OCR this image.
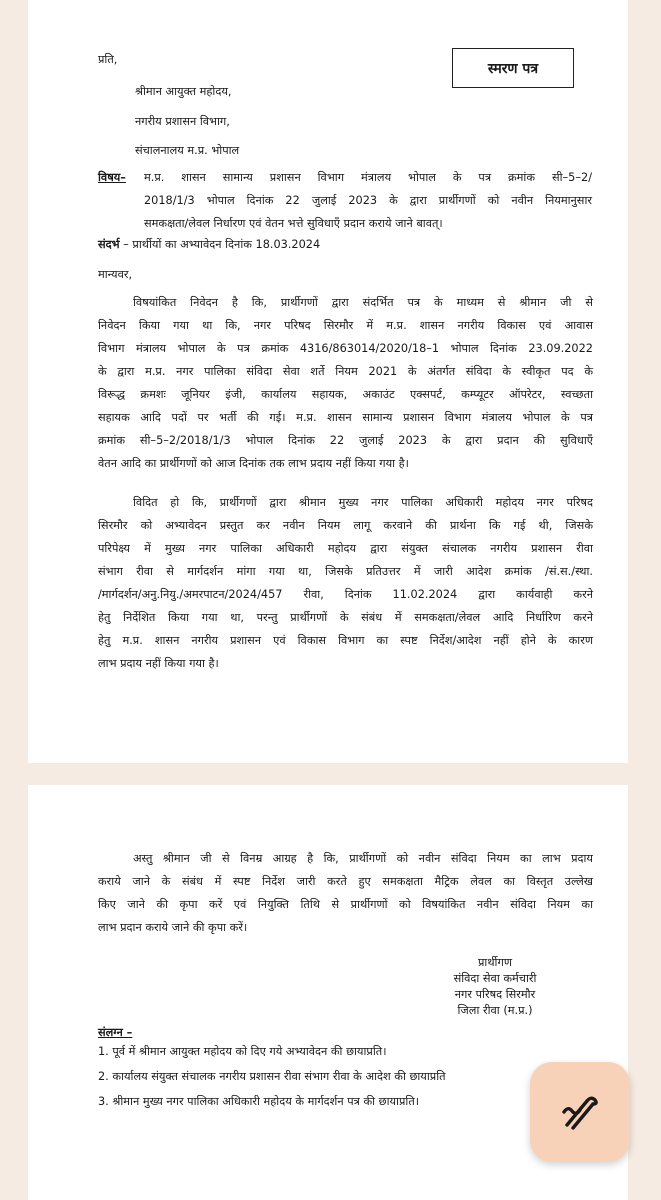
प्रति,
श्रीमान आयुक्त महोदय,
नगरीय प्रशासन विभाग,
संचालनालय म.प्र. भोपाल
स्मरण पत्र
विषय– म.प्र. शासन सामान्य प्रशासन विभाग मंत्रालय भोपाल के पत्र क्रमांक सी–5–2/
2018/1/3 भोपाल दिनांक 22 जुलाई 2023 के द्वारा प्रार्थीगणों को नवीन नियमानुसार
समकक्षता/लेवल निर्धारण एवं वेतन भत्ते सुविधाएँ प्रदान कराये जाने बावत्।
संदर्भ – प्रार्थीयों का अभ्यावेदन दिनांक 18.03.2024
मान्यवर,
विषयांकित निवेदन है कि, प्रार्थीगणों द्वारा संदर्भित पत्र के माध्यम से श्रीमान जी से
निवेदन किया गया था कि, नगर परिषद सिरमौर में म.प्र. शासन नगरीय विकास एवं आवास
विभाग मंत्रालय भोपाल के पत्र क्रमांक 4316/863014/2020/18–1 भोपाल दिनांक 23.09.2022
के द्वारा म.प्र. नगर पालिका संविदा सेवा शर्ते नियम 2021 के अंतर्गत संविदा के स्वीकृत पद के
विरूद्ध क्रमशः जूनियर इंजी, कार्यालय सहायक, अकाउंट एक्सपर्ट, कम्प्यूटर ऑपरेटर, स्वच्छता
सहायक आदि पदों पर भर्ती की गई। म.प्र. शासन सामान्य प्रशासन विभाग मंत्रालय भोपाल के पत्र
क्रमांक सी–5–2/2018/1/3 भोपाल दिनांक 22 जुलाई 2023 के द्वारा प्रदान की सुविधाएँ
वेतन आदि का प्रार्थीगणों को आज दिनांक तक लाभ प्रदाय नहीं किया गया है।
विदित हो कि, प्रार्थीगणों द्वारा श्रीमान मुख्य नगर पालिका अधिकारी महोदय नगर परिषद
सिरमौर को अभ्यावेदन प्रस्तुत कर नवीन नियम लागू करवाने की प्रार्थना कि गई थी, जिसके
परिपेक्ष्य में मुख्य नगर पालिका अधिकारी महोदय द्वारा संयुक्त संचालक नगरीय प्रशासन रीवा
संभाग रीवा से मार्गदर्शन मांगा गया था, जिसके प्रतिउत्तर में जारी आदेश क्रमांक /सं.स./स्था.
/मार्गदर्शन/अनु.नियु./अमरपाटन/2024/457 रीवा, दिनांक 11.02.2024 द्वारा कार्यवाही करने
हेतु निर्देशित किया गया था, परन्तु प्रार्थीगणों के संबंध में समकक्षता/लेवल आदि निर्धारिण करने
हेतु म.प्र. शासन नगरीय प्रशासन एवं विकास विभाग का स्पष्ट निर्देश/आदेश नहीं होने के कारण
लाभ प्रदाय नहीं किया गया है।
अस्तु श्रीमान जी से विनम्र आग्रह है कि, प्रार्थीगणों को नवीन संविदा नियम का लाभ प्रदाय
कराये जाने के संबंध में स्पष्ट निर्देश जारी करते हुए समकक्षता मैट्रिक लेवल का विस्तृत उल्लेख
किए जाने की कृपा करें एवं नियुक्ति तिथि से प्रार्थीगणों को विषयांकित नवीन संविदा नियम का
लाभ प्रदान कराये जाने की कृपा करें।
प्रार्थीगण
संविदा सेवा कर्मचारी
नगर परिषद सिरमौर
जिला रीवा (म.प्र.)
संलग्न –
1. पूर्व में श्रीमान आयुक्त महोदय को दिए गये अभ्यावेदन की छायाप्रति।
2. कार्यालय संयुक्त संचालक नगरीय प्रशासन रीवा संभाग रीवा के आदेश की छायाप्रति
3. श्रीमान मुख्य नगर पालिका अधिकारी महोदय के मार्गदर्शन पत्र की छायाप्रति।
